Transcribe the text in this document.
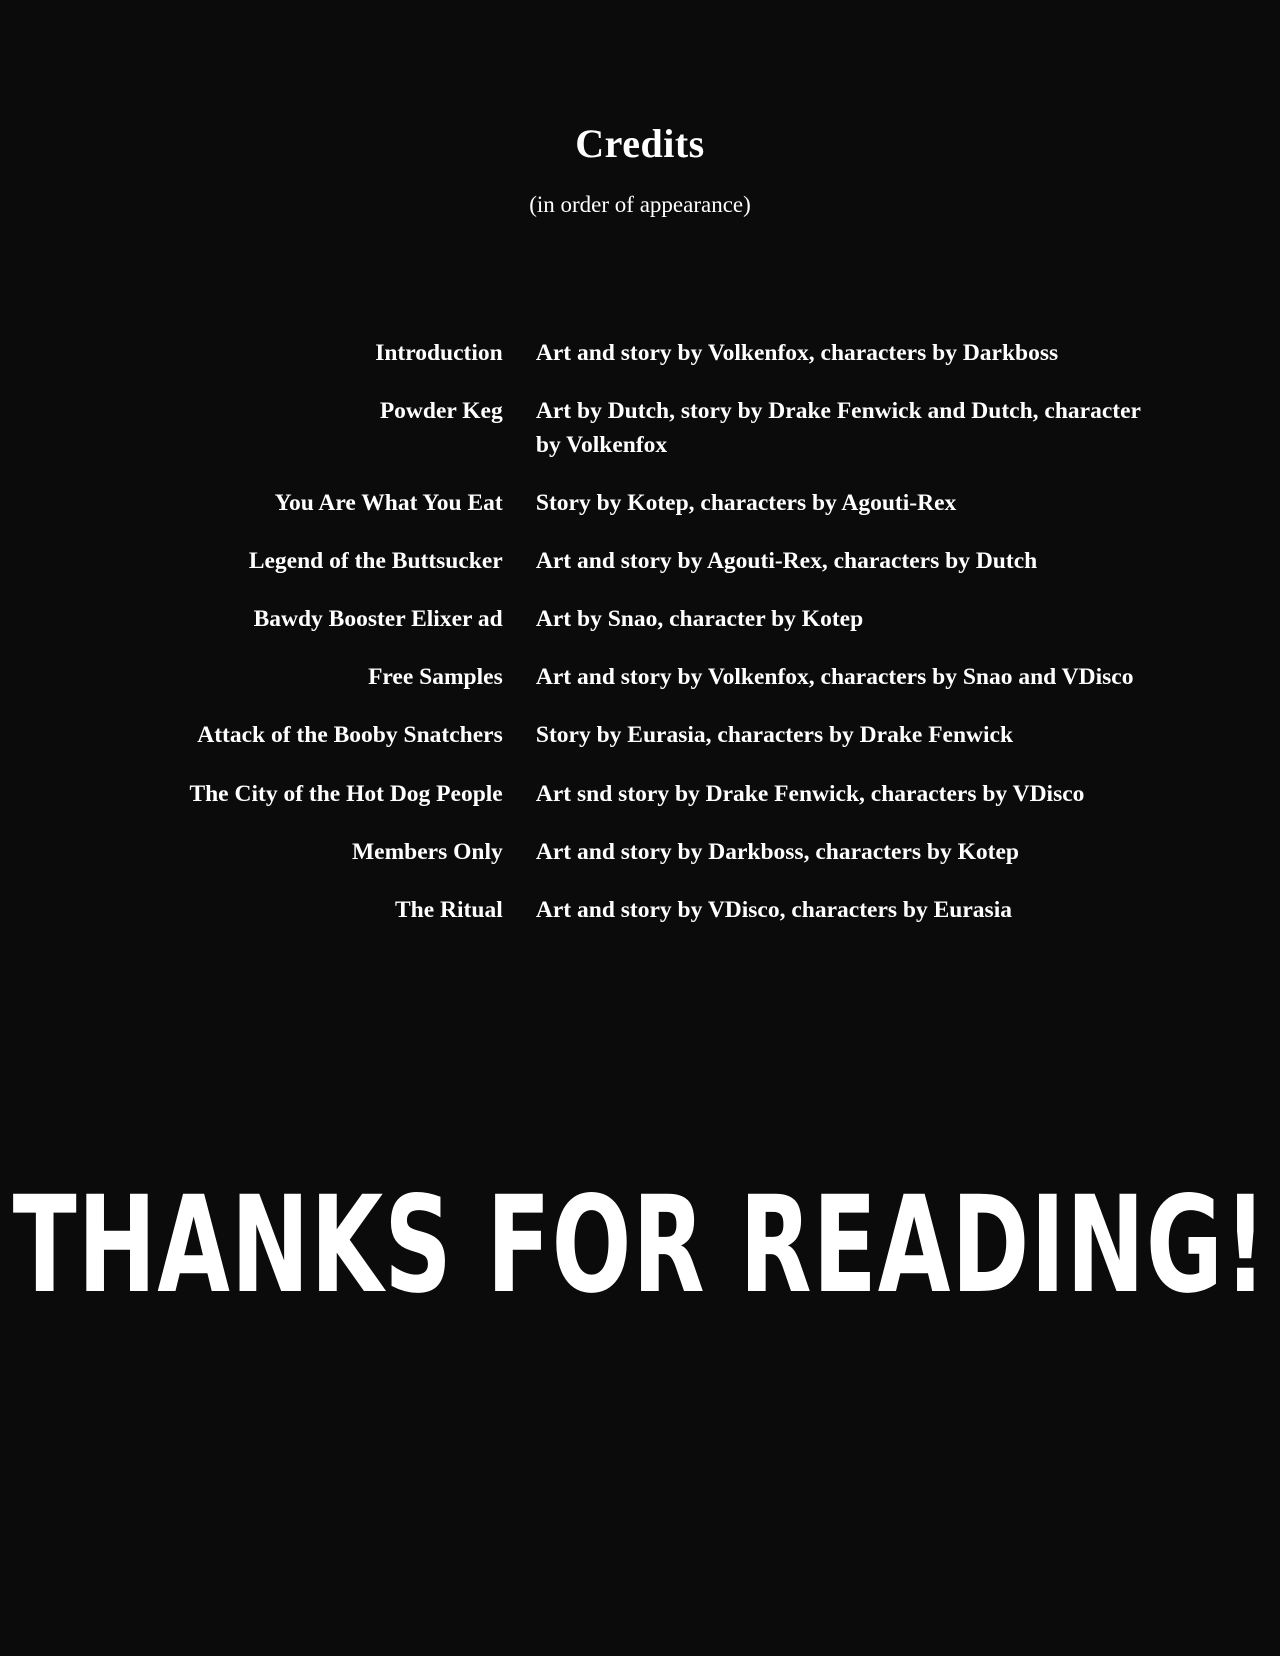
Credits

(in order of appearance)

Introduction		Art and story by Volkenfox, characters by Darkboss
Powder Keg		Art by Dutch, story by Drake Fenwick and Dutch, character by Volkenfox
You Are What You Eat		Story by Kotep, characters by Agouti-Rex
Legend of the Buttsucker		Art and story by Agouti-Rex, characters by Dutch
Bawdy Booster Elixer ad		Art by Snao, character by Kotep
Free Samples		Art and story by Volkenfox, characters by Snao and VDisco
Attack of the Booby Snatchers		Story by Eurasia, characters by Drake Fenwick
The City of the Hot Dog People		Art snd story by Drake Fenwick, characters by VDisco
Members Only		Art and story by Darkboss, characters by Kotep
The Ritual		Art and story by VDisco, characters by Eurasia
THANKS FOR READING!
